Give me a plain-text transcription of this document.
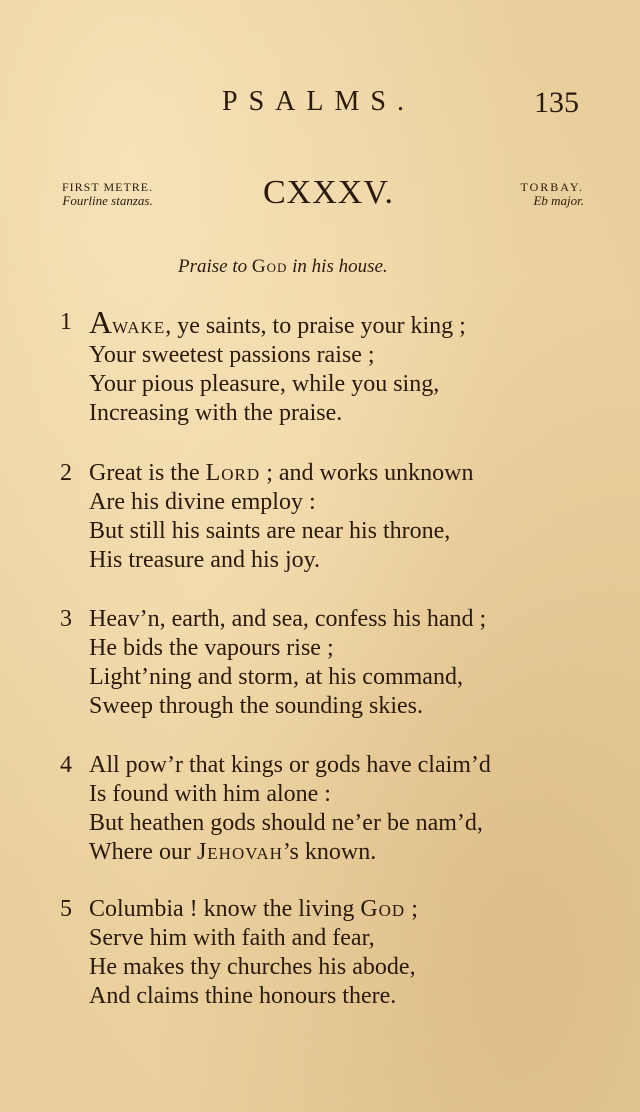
PSALMS.	135
FIRST METRE.
Fourline stanzas.	CXXXV.	TORBAY.
Eb major.
Praise to God in his house.
1 Awake, ye saints, to praise your king ;
Your sweetest passions raise ;
Your pious pleasure, while you sing,
Increasing with the praise.
2 Great is the Lord ; and works unknown
Are his divine employ :
But still his saints are near his throne,
His treasure and his joy.
3 Heav’n, earth, and sea, confess his hand ;
He bids the vapours rise ;
Light’ning and storm, at his command,
Sweep through the sounding skies.
4 All pow’r that kings or gods have claim’d
Is found with him alone :
But heathen gods should ne’er be nam’d,
Where our Jehovah’s known.
5 Columbia ! know the living God ;
Serve him with faith and fear,
He makes thy churches his abode,
And claims thine honours there.
